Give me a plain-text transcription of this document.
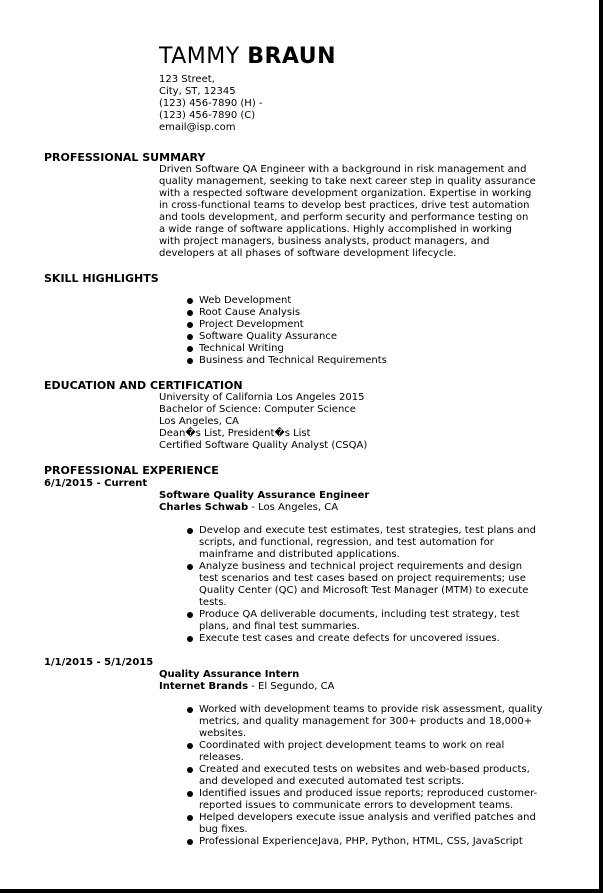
TAMMY BRAUN
123 Street,
City, ST, 12345
(123) 456-7890 (H) -
(123) 456-7890 (C)
email@isp.com
PROFESSIONAL SUMMARY
Driven Software QA Engineer with a background in risk management and
quality management, seeking to take next career step in quality assurance
with a respected software development organization. Expertise in working
in cross-functional teams to develop best practices, drive test automation
and tools development, and perform security and performance testing on
a wide range of software applications. Highly accomplished in working
with project managers, business analysts, product managers, and
developers at all phases of software development lifecycle.
SKILL HIGHLIGHTS
Web Development
Root Cause Analysis
Project Development
Software Quality Assurance
Technical Writing
Business and Technical Requirements
EDUCATION AND CERTIFICATION
University of California Los Angeles 2015
Bachelor of Science: Computer Science
Los Angeles, CA
Dean�s List, President�s List
Certified Software Quality Analyst (CSQA)
PROFESSIONAL EXPERIENCE
6/1/2015 - Current
Software Quality Assurance Engineer
Charles Schwab - Los Angeles, CA
Develop and execute test estimates, test strategies, test plans and
scripts, and functional, regression, and test automation for
mainframe and distributed applications.
Analyze business and technical project requirements and design
test scenarios and test cases based on project requirements; use
Quality Center (QC) and Microsoft Test Manager (MTM) to execute
tests.
Produce QA deliverable documents, including test strategy, test
plans, and final test summaries.
Execute test cases and create defects for uncovered issues.
1/1/2015 - 5/1/2015
Quality Assurance Intern
Internet Brands - El Segundo, CA
Worked with development teams to provide risk assessment, quality
metrics, and quality management for 300+ products and 18,000+
websites.
Coordinated with project development teams to work on real
releases.
Created and executed tests on websites and web-based products,
and developed and executed automated test scripts.
Identified issues and produced issue reports; reproduced customer-
reported issues to communicate errors to development teams.
Helped developers execute issue analysis and verified patches and
bug fixes.
Professional ExperienceJava, PHP, Python, HTML, CSS, JavaScript
